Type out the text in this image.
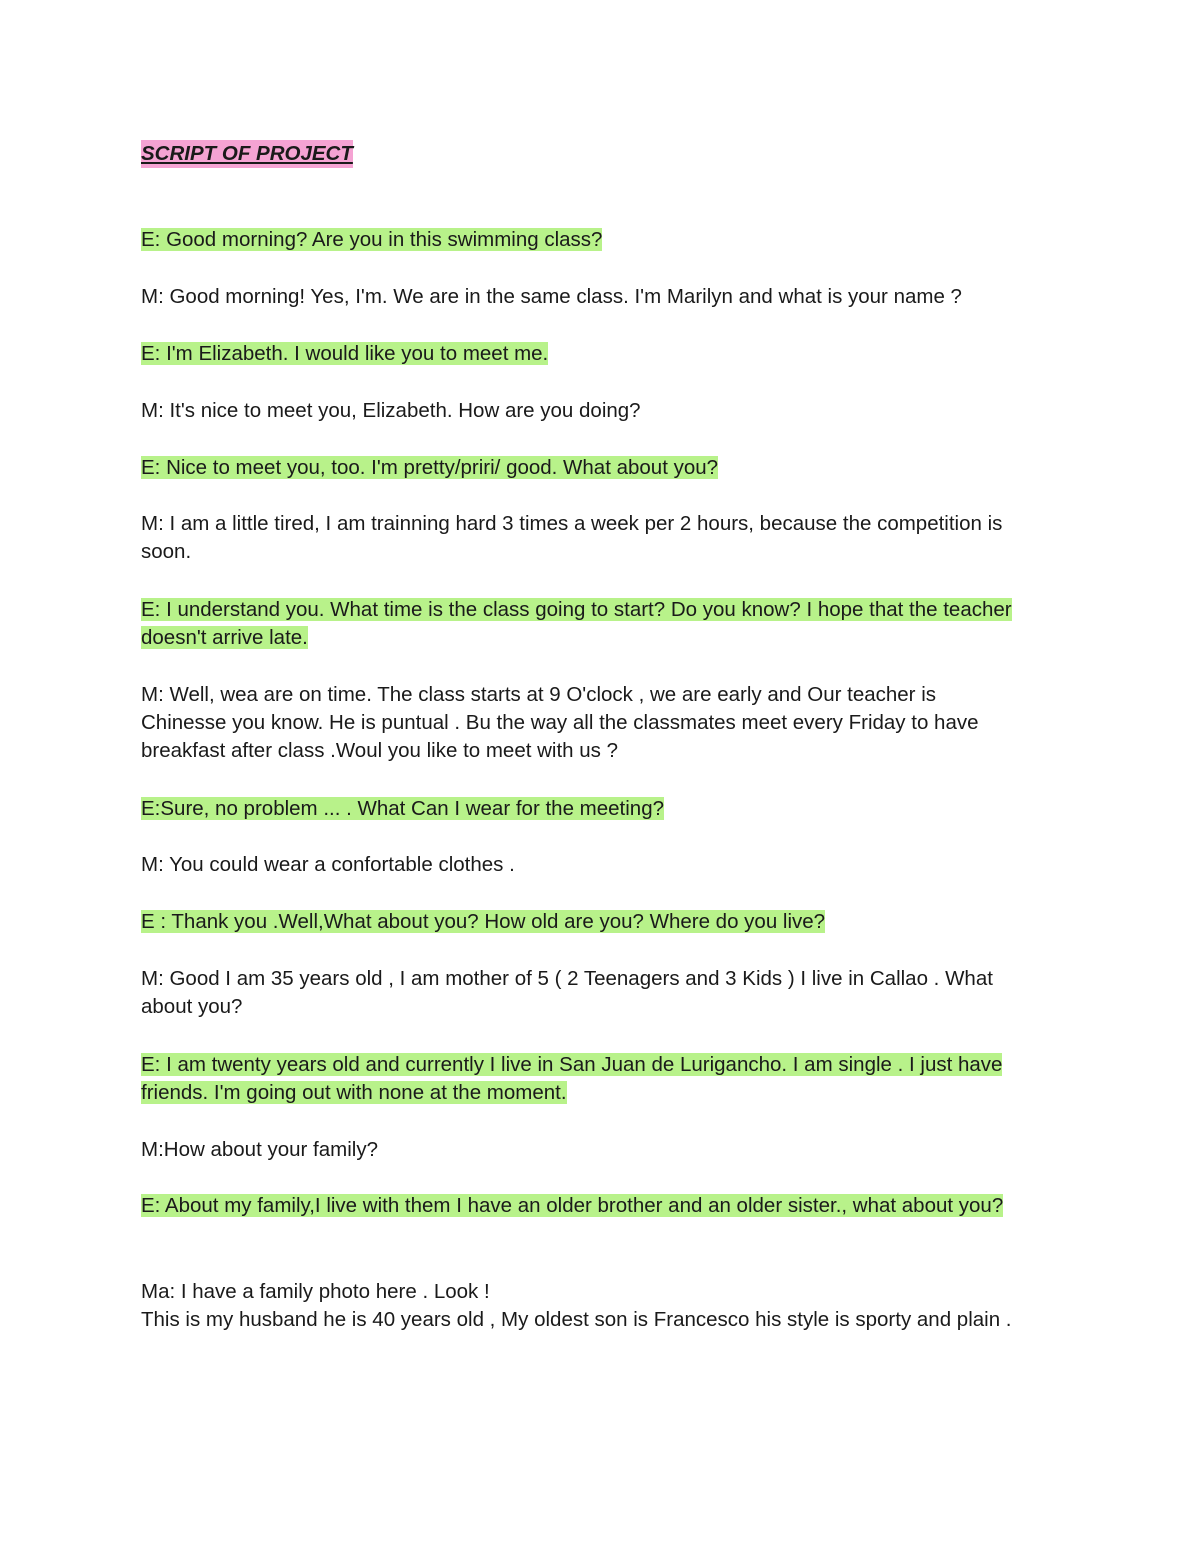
SCRIPT OF PROJECT
E: Good morning? Are you in this swimming class?
M: Good morning! Yes, I'm. We are in the same class. I'm Marilyn and what is your name ?
E: I'm Elizabeth. I would like you to meet me.
M: It's nice to meet you, Elizabeth. How are you doing?
E: Nice to meet you, too. I'm pretty/priri/ good. What about you?
M: I am a little tired, I am trainning hard 3 times a week per 2 hours, because the competition is
soon.
E: I understand you. What time is the class going to start? Do you know? I hope that the teacher
doesn't arrive late.
M: Well, wea are on time. The class starts at 9 O'clock , we are early and Our teacher is
Chinesse you know. He is puntual . Bu the way all the classmates meet every Friday to have
breakfast after class .Woul you like to meet with us ?
E:Sure, no problem ... . What Can I wear for the meeting?
M: You could wear a confortable clothes .
E : Thank you .Well,What about you? How old are you? Where do you live?
M: Good I am 35 years old , I am mother of 5 ( 2 Teenagers and 3 Kids ) I live in Callao . What
about you?
E: I am twenty years old and currently I live in San Juan de Lurigancho. I am single . I just have
friends. I'm going out with none at the moment.
M:How about your family?
E: About my family,I live with them I have an older brother and an older sister., what about you?
Ma: I have a family photo here . Look !
This is my husband he is 40 years old , My oldest son is Francesco his style is sporty and plain .
